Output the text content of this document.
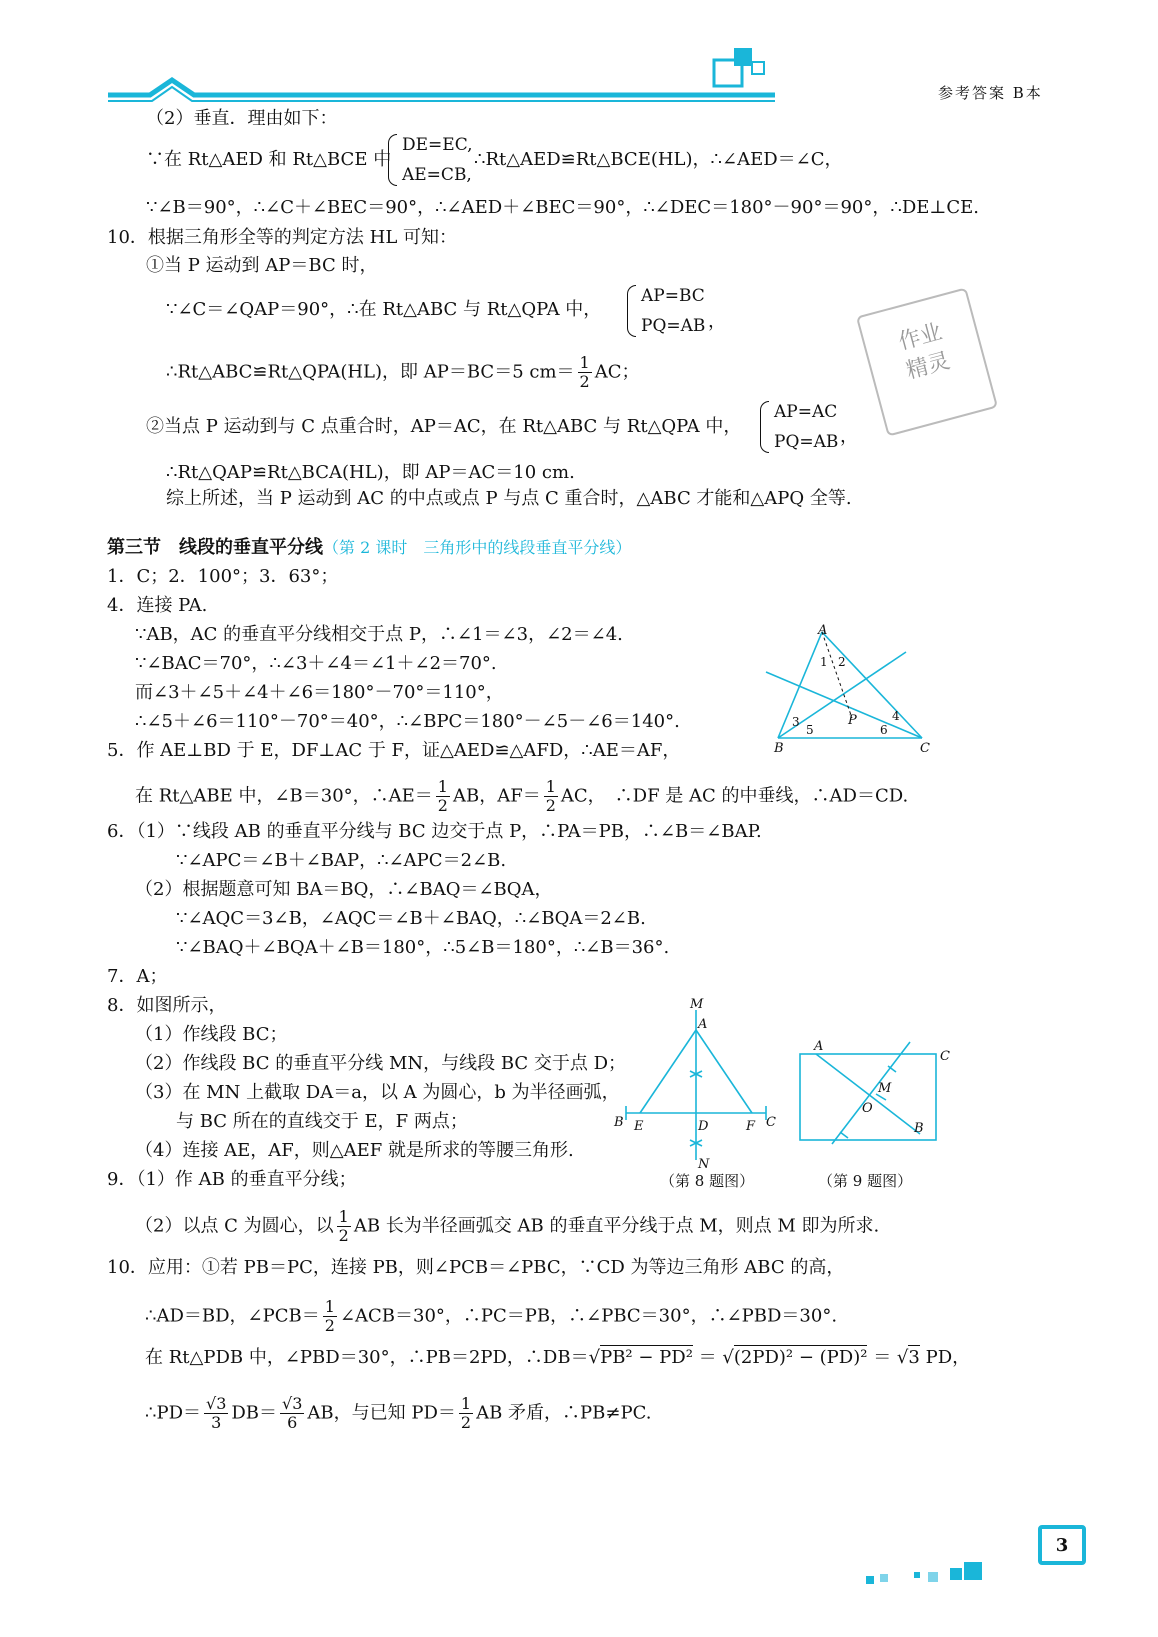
参考答案 B本
（2）垂直．理由如下：
∵在 Rt△AED 和 Rt△BCE 中
DE=EC,
AE=CB,
∴Rt△AED≌Rt△BCE(HL)，∴∠AED＝∠C，
∵∠B＝90°，∴∠C＋∠BEC＝90°，∴∠AED＋∠BEC＝90°，∴∠DEC＝180°－90°＝90°，∴DE⊥CE.
10．根据三角形全等的判定方法 HL 可知：
①当 P 运动到 AP＝BC 时，
∵∠C＝∠QAP＝90°，∴在 Rt△ABC 与 Rt△QPA 中，
AP=BC
PQ=AB ，
∴Rt△ABC≌Rt△QPA(HL)，即 AP＝BC＝5 $cm= \frac{1}{2}$ AC；
②当点 P 运动到与 C 点重合时，AP＝AC，在 Rt△ABC 与 Rt△QPA 中，
AP=AC
PQ=AB ，
∴Rt△QAP≌Rt△BCA(HL)，即 AP＝AC＝10 cm.
综上所述，当 P 运动到 AC 的中点或点 P 与点 C 重合时，△ABC 才能和△APQ 全等.
第三节　线段的垂直平分线（第 2 课时　三角形中的线段垂直平分线）
1．C；2．100°；3．63°；
4．连接 PA.
∵AB，AC 的垂直平分线相交于点 P，∴∠1＝∠3，∠2＝∠4.
∵∠BAC＝70°，∴∠3＋∠4＝∠1＋∠2＝70°.
而∠3＋∠5＋∠4＋∠6＝180°－70°＝110°，
∴∠5＋∠6＝110°－70°＝40°，∴∠BPC＝180°－∠5－∠6＝140°.
5．作 AE⊥BD 于 E，DF⊥AC 于 F，证△AED≌△AFD，∴AE＝AF，
在 Rt△ABE 中，∠B＝30°，∴AE＝ $\frac{1}{2}$ AB，$AF= \frac{1}{2}$ AC，　∴DF 是 AC 的中垂线，∴AD＝CD.
6．（1）∵线段 AB 的垂直平分线与 BC 边交于点 P，∴PA＝PB，∴∠B＝∠BAP.
∵∠APC＝∠B＋∠BAP，∴∠APC＝2∠B.
（2）根据题意可知 BA＝BQ，∴∠BAQ＝∠BQA，
∵∠AQC＝3∠B，∠AQC＝∠B＋∠BAQ，∴∠BQA＝2∠B.
∵∠BAQ＋∠BQA＋∠B＝180°，∴5∠B＝180°，∴∠B＝36°.
7．A；
8．如图所示，
（1）作线段 BC；
（2）作线段 BC 的垂直平分线 MN，与线段 BC 交于点 D；
（3）在 MN 上截取 DA＝a，以 A 为圆心，b 为半径画弧，
与 BC 所在的直线交于 E，F 两点；
（4）连接 AE，AF，则△AEF 就是所求的等腰三角形.
9．（1）作 AB 的垂直平分线；
（2）以点 C 为圆心，以 $\frac{1}{2}$ AB 长为半径画弧交 AB 的垂直平分线于点 M，则点 M 即为所求.
10．应用：①若 PB＝PC，连接 PB，则∠PCB＝∠PBC，∵CD 为等边三角形 ABC 的高，
∴AD＝BD，∠PCB＝ $\frac{1}{2}$ ∠ACB＝30°，∴PC＝PB，∴∠PBC＝30°，∴∠PBD＝30°.
在 Rt△PDB 中，∠PBD＝30°，∴PB＝2PD，∴DB＝√PB² − PD² ＝ √(2PD)² − (PD)² ＝ √3 PD，
∴PD＝ $\frac{√3}{3} DB= \frac{√3}{6}$ AB，与已知 $PD= \frac{1}{2}$ AB 矛盾，∴PB≠PC.
A
B	C
P
1 2
3	4
5	6
M
A
B E	D	F C
N
（第 8 题图）
A
C
M
O
B
（第 9 题图）
作业精灵
3
